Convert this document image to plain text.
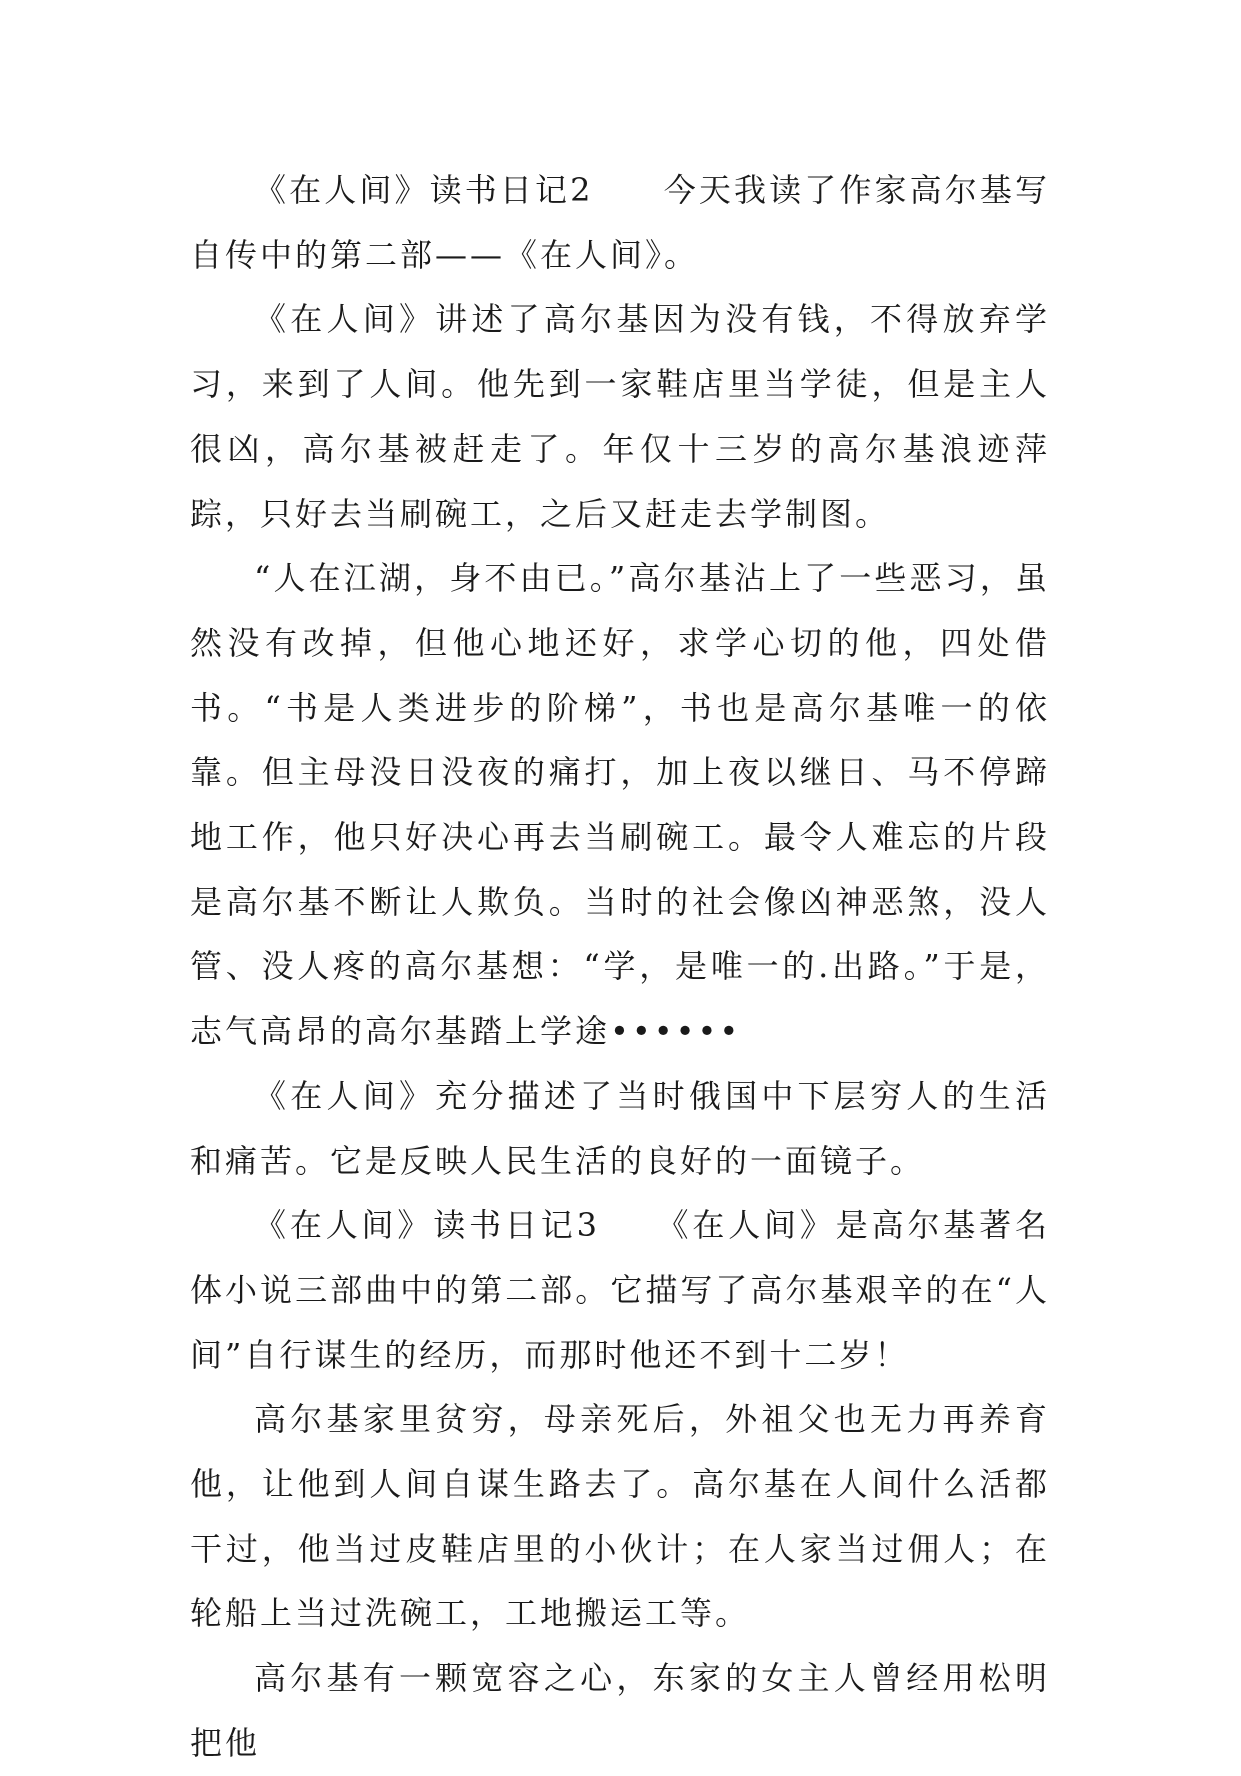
《在人间》读书日记2　　今天我读了作家高尔基写自传中的第二部——《在人间》。

《在人间》讲述了高尔基因为没有钱，不得放弃学习，来到了人间。他先到一家鞋店里当学徒，但是主人很凶，高尔基被赶走了。年仅十三岁的高尔基浪迹萍踪，只好去当刷碗工，之后又赶走去学制图。

“人在江湖，身不由已。”高尔基沾上了一些恶习，虽然没有改掉，但他心地还好，求学心切的他，四处借书。“书是人类进步的阶梯”，书也是高尔基唯一的依靠。但主母没日没夜的痛打，加上夜以继日、马不停蹄地工作，他只好决心再去当刷碗工。最令人难忘的片段是高尔基不断让人欺负。当时的社会像凶神恶煞，没人管、没人疼的高尔基想：“学，是唯一的.出路。”于是，志气高昂的高尔基踏上学途••••••

《在人间》充分描述了当时俄国中下层穷人的生活和痛苦。它是反映人民生活的良好的一面镜子。

《在人间》读书日记3　　《在人间》是高尔基著名体小说三部曲中的第二部。它描写了高尔基艰辛的在“人间”自行谋生的经历，而那时他还不到十二岁！

高尔基家里贫穷，母亲死后，外祖父也无力再养育他，让他到人间自谋生路去了。高尔基在人间什么活都干过，他当过皮鞋店里的小伙计；在人家当过佣人；在轮船上当过洗碗工，工地搬运工等。

高尔基有一颗宽容之心，东家的女主人曾经用松明把他
